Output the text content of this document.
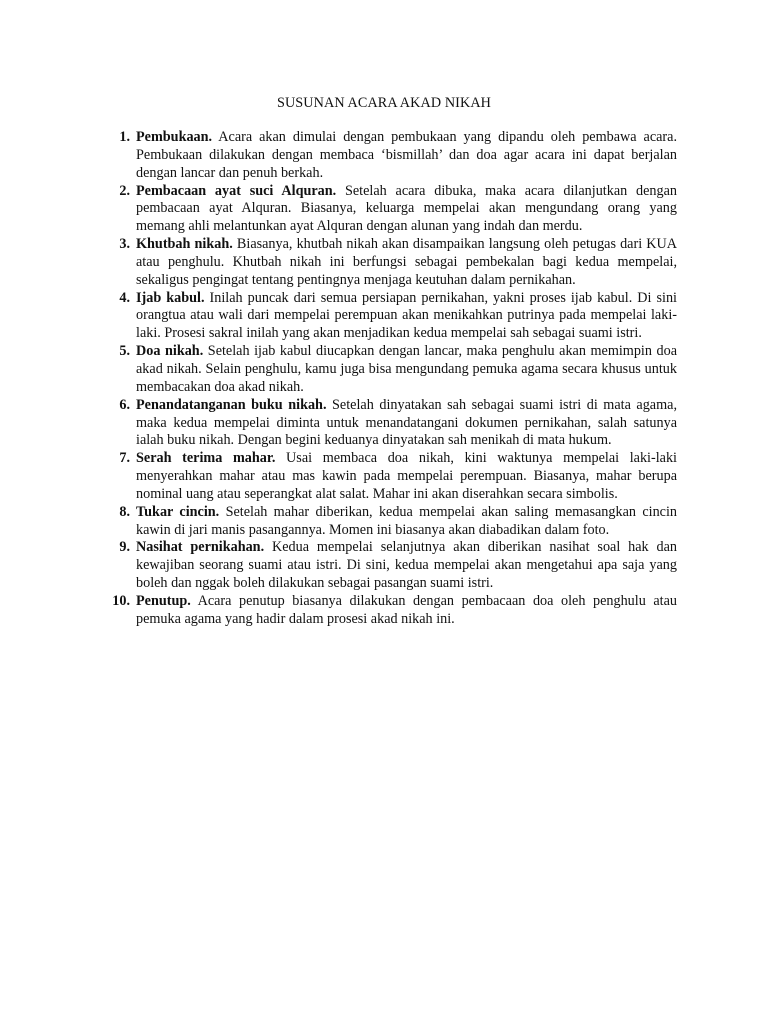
SUSUNAN ACARA AKAD NIKAH
1. Pembukaan. Acara akan dimulai dengan pembukaan yang dipandu oleh pembawa acara. Pembukaan dilakukan dengan membaca ‘bismillah’ dan doa agar acara ini dapat berjalan dengan lancar dan penuh berkah.
2. Pembacaan ayat suci Alquran. Setelah acara dibuka, maka acara dilanjutkan dengan pembacaan ayat Alquran. Biasanya, keluarga mempelai akan mengundang orang yang memang ahli melantunkan ayat Alquran dengan alunan yang indah dan merdu.
3. Khutbah nikah. Biasanya, khutbah nikah akan disampaikan langsung oleh petugas dari KUA atau penghulu. Khutbah nikah ini berfungsi sebagai pembekalan bagi kedua mempelai, sekaligus pengingat tentang pentingnya menjaga keutuhan dalam pernikahan.
4. Ijab kabul. Inilah puncak dari semua persiapan pernikahan, yakni proses ijab kabul. Di sini orangtua atau wali dari mempelai perempuan akan menikahkan putrinya pada mempelai laki-laki. Prosesi sakral inilah yang akan menjadikan kedua mempelai sah sebagai suami istri.
5. Doa nikah. Setelah ijab kabul diucapkan dengan lancar, maka penghulu akan memimpin doa akad nikah. Selain penghulu, kamu juga bisa mengundang pemuka agama secara khusus untuk membacakan doa akad nikah.
6. Penandatanganan buku nikah. Setelah dinyatakan sah sebagai suami istri di mata agama, maka kedua mempelai diminta untuk menandatangani dokumen pernikahan, salah satunya ialah buku nikah. Dengan begini keduanya dinyatakan sah menikah di mata hukum.
7. Serah terima mahar. Usai membaca doa nikah, kini waktunya mempelai laki-laki menyerahkan mahar atau mas kawin pada mempelai perempuan. Biasanya, mahar berupa nominal uang atau seperangkat alat salat. Mahar ini akan diserahkan secara simbolis.
8. Tukar cincin. Setelah mahar diberikan, kedua mempelai akan saling memasangkan cincin kawin di jari manis pasangannya. Momen ini biasanya akan diabadikan dalam foto.
9. Nasihat pernikahan. Kedua mempelai selanjutnya akan diberikan nasihat soal hak dan kewajiban seorang suami atau istri. Di sini, kedua mempelai akan mengetahui apa saja yang boleh dan nggak boleh dilakukan sebagai pasangan suami istri.
10. Penutup. Acara penutup biasanya dilakukan dengan pembacaan doa oleh penghulu atau pemuka agama yang hadir dalam prosesi akad nikah ini.
